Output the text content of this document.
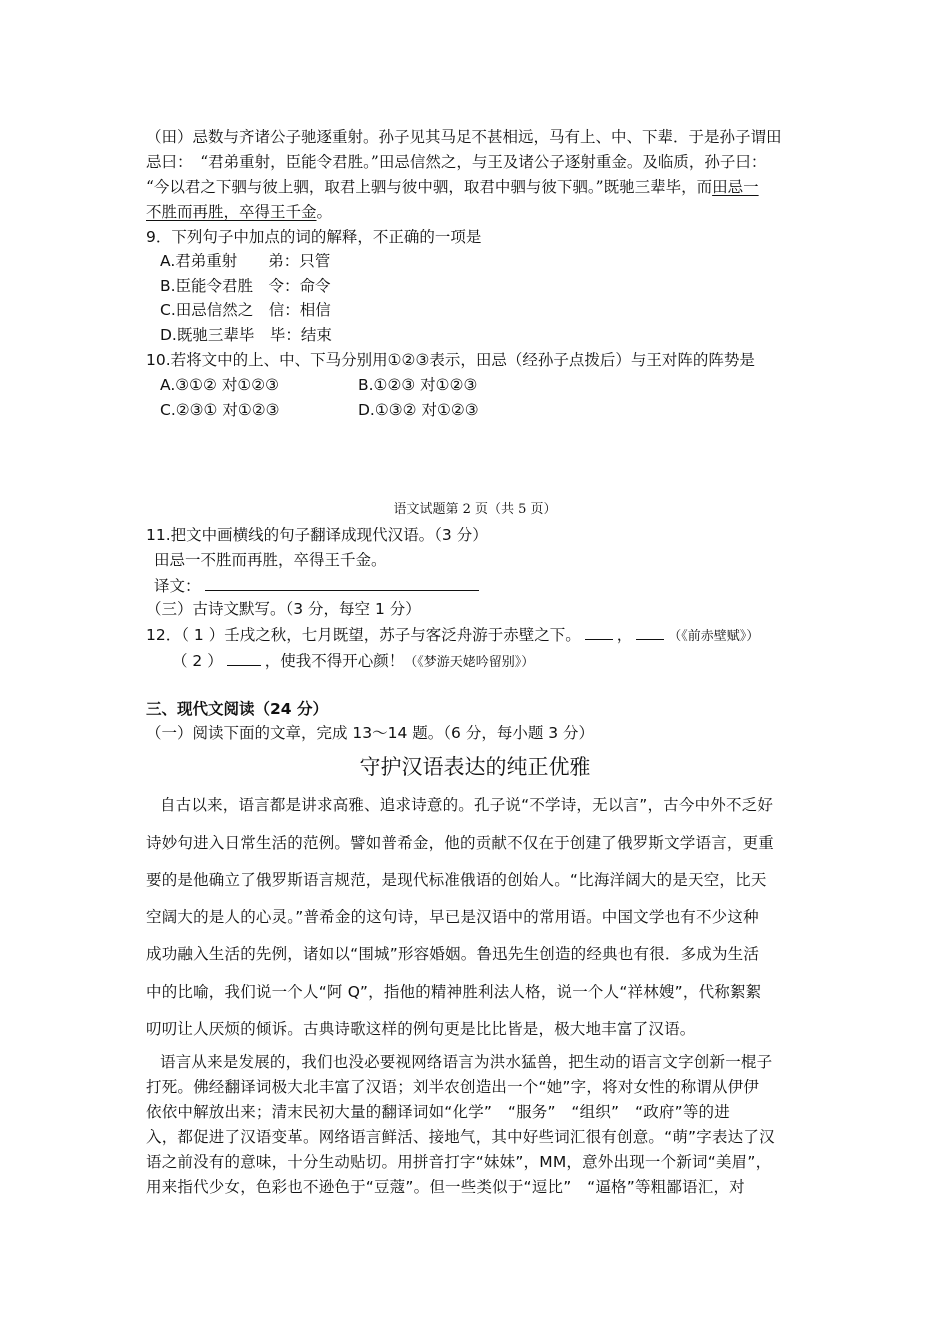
（田）忌数与齐诸公子驰逐重射。孙子见其马足不甚相远，马有上、中、下辈．于是孙子谓田
忌曰：　“君弟重射，臣能令君胜。”田忌信然之，与王及诸公子逐射重金。及临质，孙子曰：
“今以君之下驷与彼上驷，取君上驷与彼中驷，取君中驷与彼下驷。”既驰三辈毕，而田忌一
不胜而再胜，卒得王千金。
9．下列句子中加点的词的解释，不正确的一项是
A.君弟重射　　弟：只管
B.臣能令君胜　令：命令
C.田忌信然之　信：相信
D.既驰三辈毕　毕：结束
10.若将文中的上、中、下马分别用①②③表示，田忌（经孙子点拨后）与王对阵的阵势是
A.③①② 对①②③	B.①②③ 对①②③
C.②③① 对①②③	D.①③② 对①②③
语文试题第 2 页（共 5 页）
11.把文中画横线的句子翻译成现代汉语。（3 分）
田忌一不胜而再胜，卒得王千金。
译文：
（三）古诗文默写。（3 分，每空 1 分）
12．（ 1 ）壬戌之秋，七月既望，苏子与客泛舟游于赤壁之下。 ，	（《前赤壁赋》）
（ 2 ）	，使我不得开心颜！（《梦游天姥吟留别》）
三、现代文阅读（24 分）
（一）阅读下面的文章，完成 13～14 题。（6 分，每小题 3 分）
守护汉语表达的纯正优雅
自古以来，语言都是讲求高雅、追求诗意的。孔子说“不学诗，无以言”，古今中外不乏好
诗妙句进入日常生活的范例。譬如普希金，他的贡献不仅在于创建了俄罗斯文学语言，更重
要的是他确立了俄罗斯语言规范，是现代标准俄语的创始人。“比海洋阔大的是天空，比天
空阔大的是人的心灵。”普希金的这句诗，早已是汉语中的常用语。中国文学也有不少这种
成功融入生活的先例，诸如以“围城”形容婚姻。鲁迅先生创造的经典也有很．多成为生活
中的比喻，我们说一个人“阿 Q”，指他的精神胜利法人格，说一个人“祥林嫂”，代称絮絮
叨叨让人厌烦的倾诉。古典诗歌这样的例句更是比比皆是，极大地丰富了汉语。
语言从来是发展的，我们也没必要视网络语言为洪水猛兽，把生动的语言文字创新一棍子
打死。佛经翻译词极大北丰富了汉语；刘半农创造出一个“她”字，将对女性的称谓从伊伊
依依中解放出来；清末民初大量的翻译词如“化学”　“服务”　“组织”　“政府”等的进
入，都促进了汉语变革。网络语言鲜活、接地气，其中好些词汇很有创意。“萌”字表达了汉
语之前没有的意味，十分生动贴切。用拼音打字“妹妹”，MM，意外出现一个新词“美眉”，
用来指代少女，色彩也不逊色于“豆蔻”。但一些类似于“逗比”　“逼格”等粗鄙语汇，对
